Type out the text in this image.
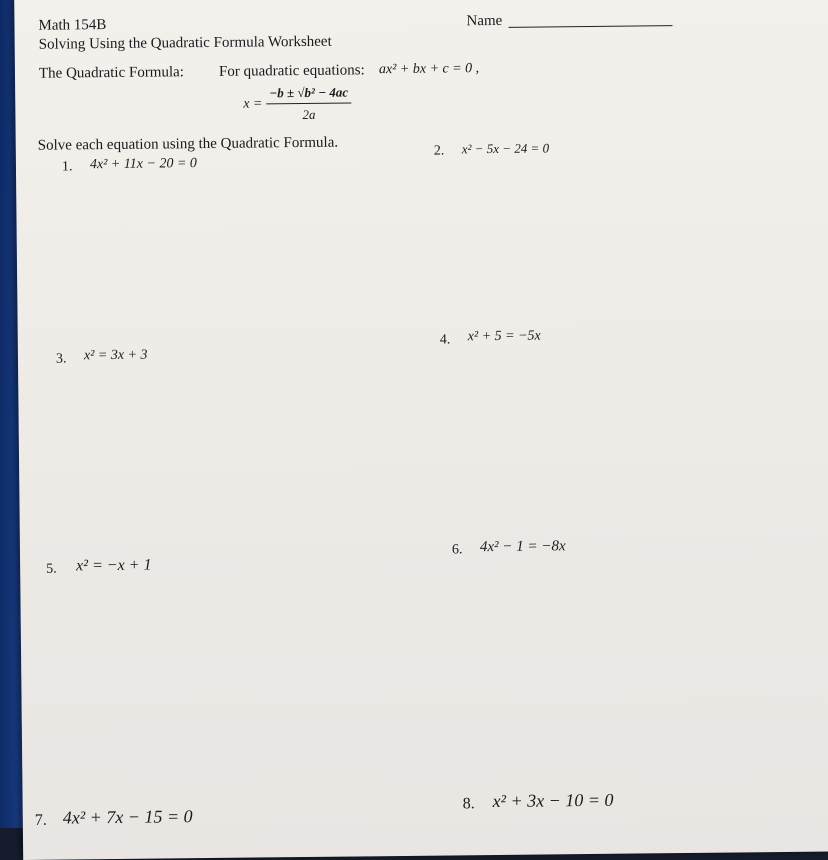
Math 154B
Solving Using the Quadratic Formula Worksheet
Name
The Quadratic Formula: For quadratic equations: ax² + bx + c = 0 ,
$x = \frac{\text{−b ± √b² − 4ac}}{2a}$
Solve each equation using the Quadratic Formula.
1. 4x² + 11x − 20 = 0
2. x² − 5x − 24 = 0
3. x² = 3x + 3
4. x² + 5 = −5x
5. x² = −x + 1
6. 4x² − 1 = −8x
7. 4x² + 7x − 15 = 0
8. x² + 3x − 10 = 0
